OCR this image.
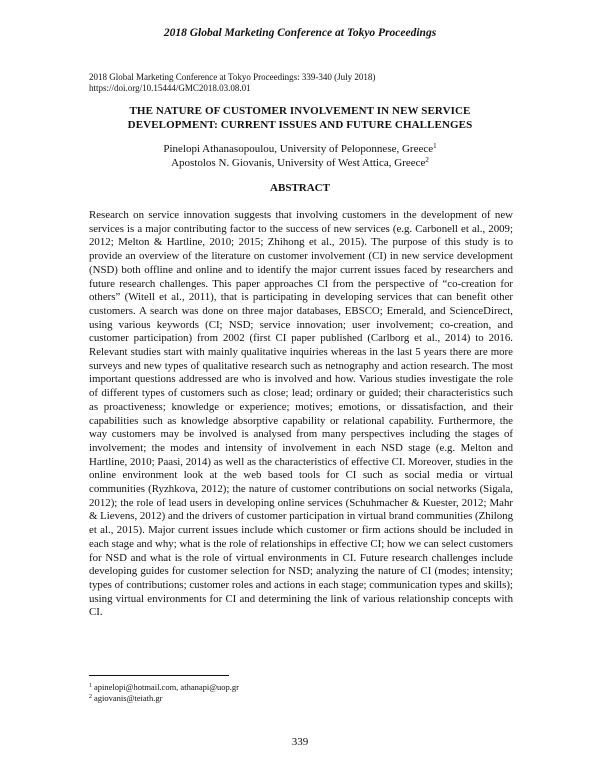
2018 Global Marketing Conference at Tokyo Proceedings
2018 Global Marketing Conference at Tokyo Proceedings: 339-340 (July 2018)
https://doi.org/10.15444/GMC2018.03.08.01
THE NATURE OF CUSTOMER INVOLVEMENT IN NEW SERVICE
DEVELOPMENT: CURRENT ISSUES AND FUTURE CHALLENGES
Pinelopi Athanasopoulou, University of Peloponnese, Greece$^1$
Apostolos N. Giovanis, University of West Attica, Greece$^2$
ABSTRACT

Research on service innovation suggests that involving customers in the development of new services is a major contributing factor to the success of new services (e.g. Carbonell et al., 2009; 2012; Melton & Hartline, 2010; 2015; Zhihong et al., 2015). The purpose of this study is to provide an overview of the literature on customer involvement (CI) in new service development (NSD) both offline and online and to identify the major current issues faced by researchers and future research challenges. This paper approaches CI from the perspective of “co-creation for others” (Witell et al., 2011), that is participating in developing services that can benefit other customers. A search was done on three major databases, EBSCO; Emerald, and ScienceDirect, using various keywords (CI; NSD; service innovation; user involvement; co-creation, and customer participation) from 2002 (first CI paper published (Carlborg et al., 2014) to 2016. Relevant studies start with mainly qualitative inquiries whereas in the last 5 years there are more surveys and new types of qualitative research such as netnography and action research. The most important questions addressed are who is involved and how. Various studies investigate the role of different types of customers such as close; lead; ordinary or guided; their characteristics such as proactiveness; knowledge or experience; motives; emotions, or dissatisfaction, and their capabilities such as knowledge absorptive capability or relational capability. Furthermore, the way customers may be involved is analysed from many perspectives including the stages of involvement; the modes and intensity of involvement in each NSD stage (e.g. Melton and Hartline, 2010; Paasi, 2014) as well as the characteristics of effective CI. Moreover, studies in the online environment look at the web based tools for CI such as social media or virtual communities (Ryzhkova, 2012); the nature of customer contributions on social networks (Sigala, 2012); the role of lead users in developing online services (Schuhmacher & Kuester, 2012; Mahr & Lievens, 2012) and the drivers of customer participation in virtual brand communities (Zhilong et al., 2015). Major current issues include which customer or firm actions should be included in each stage and why; what is the role of relationships in effective CI; how we can select customers for NSD and what is the role of virtual environments in CI. Future research challenges include developing guides for customer selection for NSD; analyzing the nature of CI (modes; intensity; types of contributions; customer roles and actions in each stage; communication types and skills); using virtual environments for CI and determining the link of various relationship concepts with CI.

$^1$ apinelopi@hotmail.com, athanapi@uop.gr
$^2$ agiovanis@teiath.gr
339
